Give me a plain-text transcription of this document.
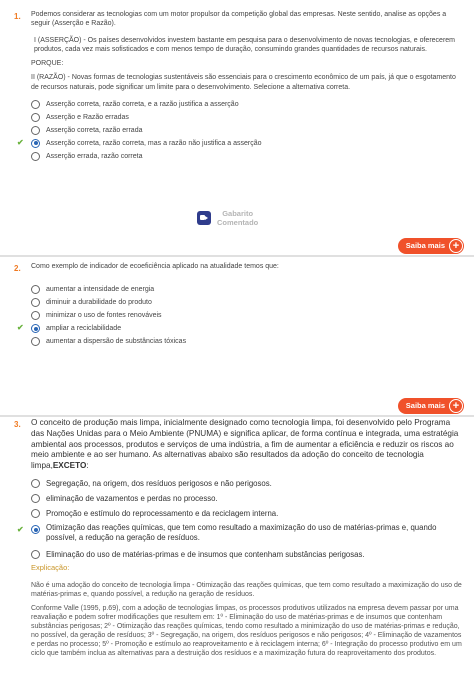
1. Podemos considerar as tecnologias com um motor propulsor da competição global das empresas. Neste sentido, analise as opções a seguir (Asserção e Razão).

I (ASSERÇÃO) - Os países desenvolvidos investem bastante em pesquisa para o desenvolvimento de novas tecnologias, e oferecerem produtos, cada vez mais sofisticados e com menos tempo de duração, consumindo grandes quantidades de recursos naturais.

PORQUE:

II (RAZÃO) - Novas formas de tecnologias sustentáveis são essenciais para o crescimento econômico de um país, já que o esgotamento de recursos naturais, pode significar um limite para o desenvolvimento. Selecione a alternativa correta.

Asserção correta, razão correta, e a razão justifica a asserção
Asserção e Razão erradas
Asserção correta, razão errada
✔	Asserção correta, razão correta, mas a razão não justifica a asserção
Asserção errada, razão correta
Gabarito
Comentado
Saiba mais +
2. Como exemplo de indicador de ecoeficiência aplicado na atualidade temos que:

aumentar a intensidade de energia
diminuir a durabilidade do produto
minimizar o uso de fontes renováveis
✔	ampliar a reciclabilidade
aumentar a dispersão de substâncias tóxicas
Saiba mais +
3. O conceito de produção mais limpa, inicialmente designado como tecnologia limpa, foi desenvolvido pelo Programa das Nações Unidas para o Meio Ambiente (PNUMA) e significa aplicar, de forma contínua e integrada, uma estratégia ambiental aos processos, produtos e serviços de uma indústria, a fim de aumentar a eficiência e reduzir os riscos ao meio ambiente e ao ser humano. As alternativas abaixo são resultados da adoção do conceito de tecnologia limpa,EXCETO:

Segregação, na origem, dos resíduos perigosos e não perigosos.
eliminação de vazamentos e perdas no processo.
Promoção e estímulo do reprocessamento e da reciclagem interna.
✔	Otimização das reações químicas, que tem como resultado a maximização do uso de matérias-primas e, quando possível, a redução na geração de resíduos.
Eliminação do uso de matérias-primas e de insumos que contenham substâncias perigosas.
Explicação:

Não é uma adoção do conceito de tecnologia limpa - Otimização das reações químicas, que tem como resultado a maximização do uso de matérias-primas e, quando possível, a redução na geração de resíduos.

Conforme Valle (1995, p.69), com a adoção de tecnologias limpas, os processos produtivos utilizados na empresa devem passar por uma reavaliação e podem sofrer modificações que resultem em: 1º - Eliminação do uso de matérias-primas e de insumos que contenham substâncias perigosas; 2º - Otimização das reações químicas, tendo como resultado a minimização do uso de matérias-primas e redução, no possível, da geração de resíduos; 3º - Segregação, na origem, dos resíduos perigosos e não perigosos; 4º - Eliminação de vazamentos e perdas no processo; 5º - Promoção e estímulo ao reaproveitamento e à reciclagem interna; 6º - Integração do processo produtivo em um ciclo que também inclua as alternativas para a destruição dos resíduos e a maximização futura do reaproveitamento dos produtos.
